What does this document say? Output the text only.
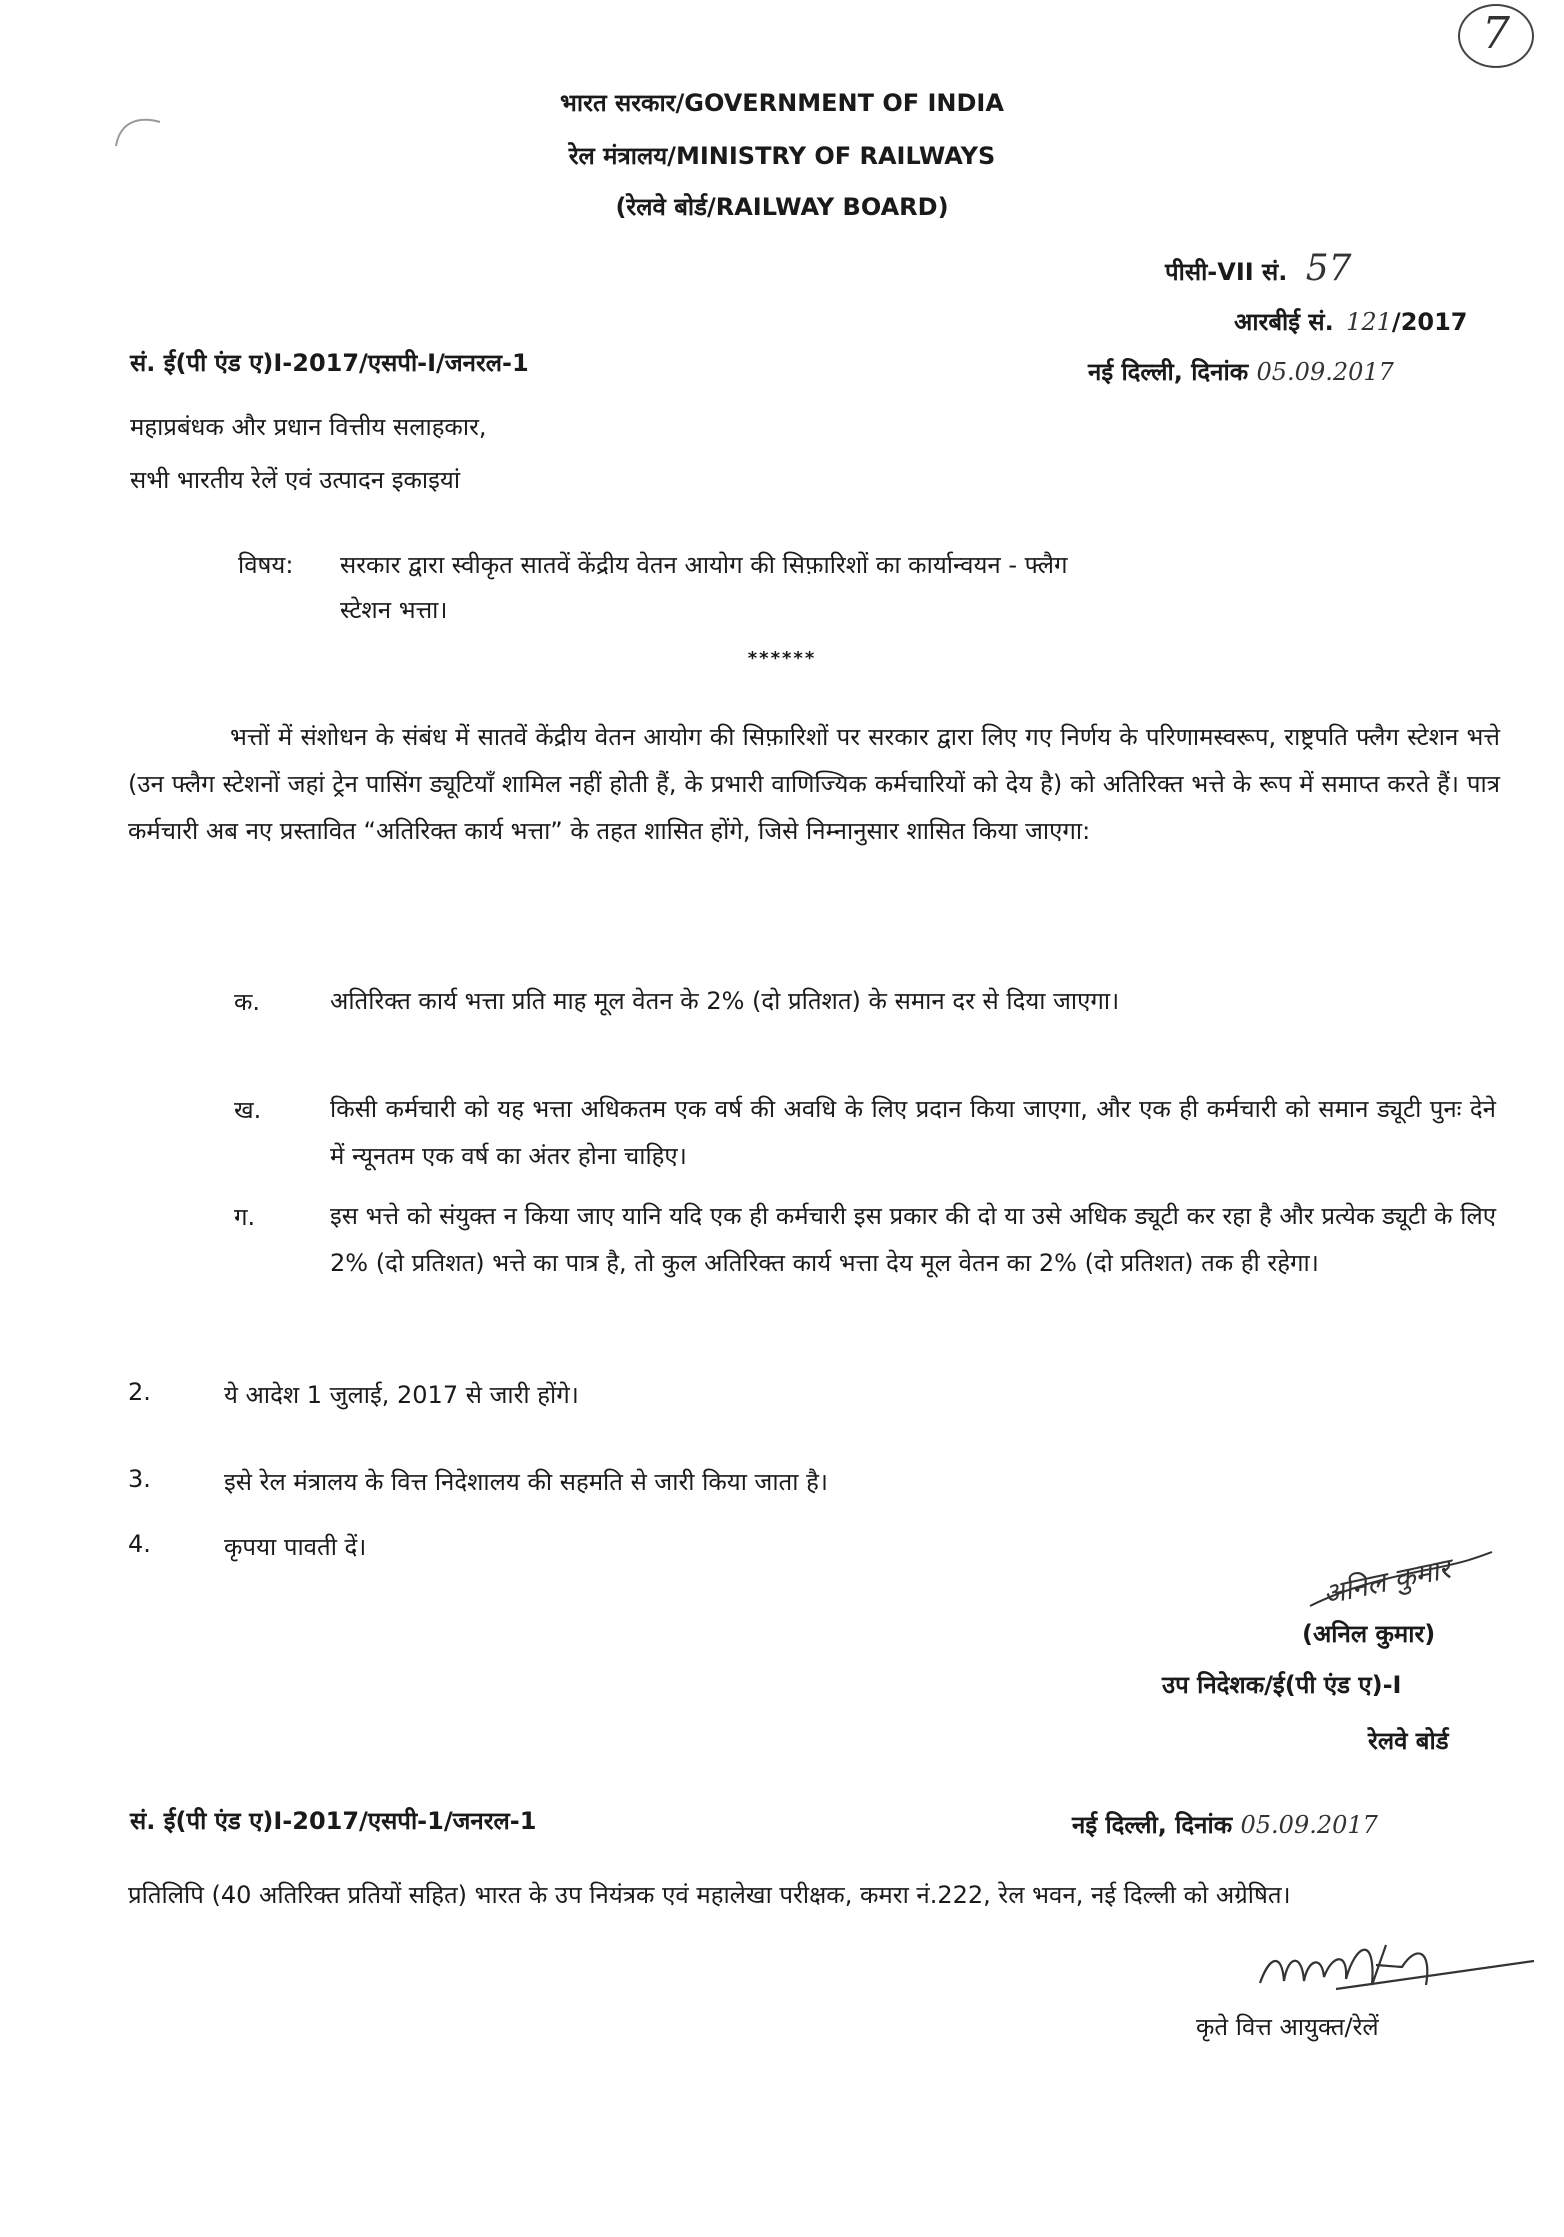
7
भारत सरकार/GOVERNMENT OF INDIA
रेल मंत्रालय/MINISTRY OF RAILWAYS
(रेलवे बोर्ड/RAILWAY BOARD)
पीसी-VII सं. 57
आरबीई सं. 121/2017
सं. ई(पी एंड ए)I-2017/एसपी-I/जनरल-1	नई दिल्ली, दिनांक 05.09.2017
महाप्रबंधक और प्रधान वित्तीय सलाहकार,
सभी भारतीय रेलें एवं उत्पादन इकाइयां
विषय: सरकार द्वारा स्वीकृत सातवें केंद्रीय वेतन आयोग की सिफ़ारिशों का कार्यान्वयन - फ्लैग
स्टेशन भत्ता।
******
भत्तों में संशोधन के संबंध में सातवें केंद्रीय वेतन आयोग की सिफ़ारिशों पर सरकार द्वारा लिए गए निर्णय के परिणामस्वरूप, राष्ट्रपति फ्लैग स्टेशन भत्ते (उन फ्लैग स्टेशनों जहां ट्रेन पासिंग ड्यूटियाँ शामिल नहीं होती हैं, के प्रभारी वाणिज्यिक कर्मचारियों को देय है) को अतिरिक्त भत्ते के रूप में समाप्त करते हैं। पात्र कर्मचारी अब नए प्रस्तावित “अतिरिक्त कार्य भत्ता” के तहत शासित होंगे, जिसे निम्नानुसार शासित किया जाएगा:
क.	अतिरिक्त कार्य भत्ता प्रति माह मूल वेतन के 2% (दो प्रतिशत) के समान दर से दिया जाएगा।
ख.	किसी कर्मचारी को यह भत्ता अधिकतम एक वर्ष की अवधि के लिए प्रदान किया जाएगा, और एक ही कर्मचारी को समान ड्यूटी पुनः देने में न्यूनतम एक वर्ष का अंतर होना चाहिए।
ग.	इस भत्ते को संयुक्त न किया जाए यानि यदि एक ही कर्मचारी इस प्रकार की दो या उसे अधिक ड्यूटी कर रहा है और प्रत्येक ड्यूटी के लिए 2% (दो प्रतिशत) भत्ते का पात्र है, तो कुल अतिरिक्त कार्य भत्ता देय मूल वेतन का 2% (दो प्रतिशत) तक ही रहेगा।
2.	ये आदेश 1 जुलाई, 2017 से जारी होंगे।
3.	इसे रेल मंत्रालय के वित्त निदेशालय की सहमति से जारी किया जाता है।
4.	कृपया पावती दें।
अनिल कुमार
(अनिल कुमार)
उप निदेशक/ई(पी एंड ए)-I
रेलवे बोर्ड
सं. ई(पी एंड ए)I-2017/एसपी-1/जनरल-1	नई दिल्ली, दिनांक 05.09.2017
प्रतिलिपि (40 अतिरिक्त प्रतियों सहित) भारत के उप नियंत्रक एवं महालेखा परीक्षक, कमरा नं.222, रेल भवन, नई दिल्ली को अग्रेषित।
कृते वित्त आयुक्त/रेलें
